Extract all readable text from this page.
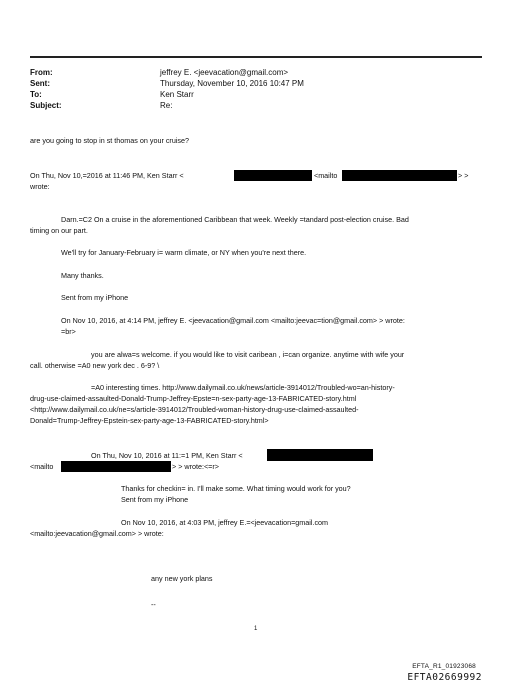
From:	jeffrey E. <jeevacation@gmail.com>
Sent:	Thursday, November 10, 2016 10:47 PM
To:	Ken Starr
Subject:	Re:
are you going to stop in st thomas on your cruise?
On Thu, Nov 10,=2016 at 11:46 PM, Ken Starr <	<mailto	> >
wrote:
Darn.=C2 On a cruise in the aforementioned Caribbean that week. Weekly =tandard post-election cruise. Bad
timing on our part.
We'll try for January-February i= warm climate, or NY when you're next there.
Many thanks.
Sent from my iPhone
On Nov 10, 2016, at 4:14 PM, jeffrey E. <jeevacation@gmail.com <mailto:jeevac=tion@gmail.com> > wrote:
=br>
you are alwa=s welcome. if you would like to visit caribean , i=can organize. anytime with wife your
call. otherwise =A0 new york dec . 6-9? \
=A0 interesting times. http://www.dailymail.co.uk/news/article-3914012/Troubled-wo=an-history-
drug-use-claimed-assaulted-Donald-Trump-Jeffrey-Epste=n-sex-party-age-13-FABRICATED-story.html
<http://www.dailymail.co.uk/ne=s/article-3914012/Troubled-woman-history-drug-use-claimed-assaulted-
Donald=Trump-Jeffrey-Epstein-sex-party-age-13-FABRICATED-story.html>
On Thu, Nov 10, 2016 at 11:=1 PM, Ken Starr <
<mailto	> > wrote:<=r>
Thanks for checkin= in. I'll make some. What timing would work for you?
Sent from my iPhone
On Nov 10, 2016, at 4:03 PM, jeffrey E.=<jeevacation=gmail.com
<mailto:jeevacation@gmail.com> > wrote:
any new york plans
--
1
EFTA_R1_01923068
EFTA02669992
